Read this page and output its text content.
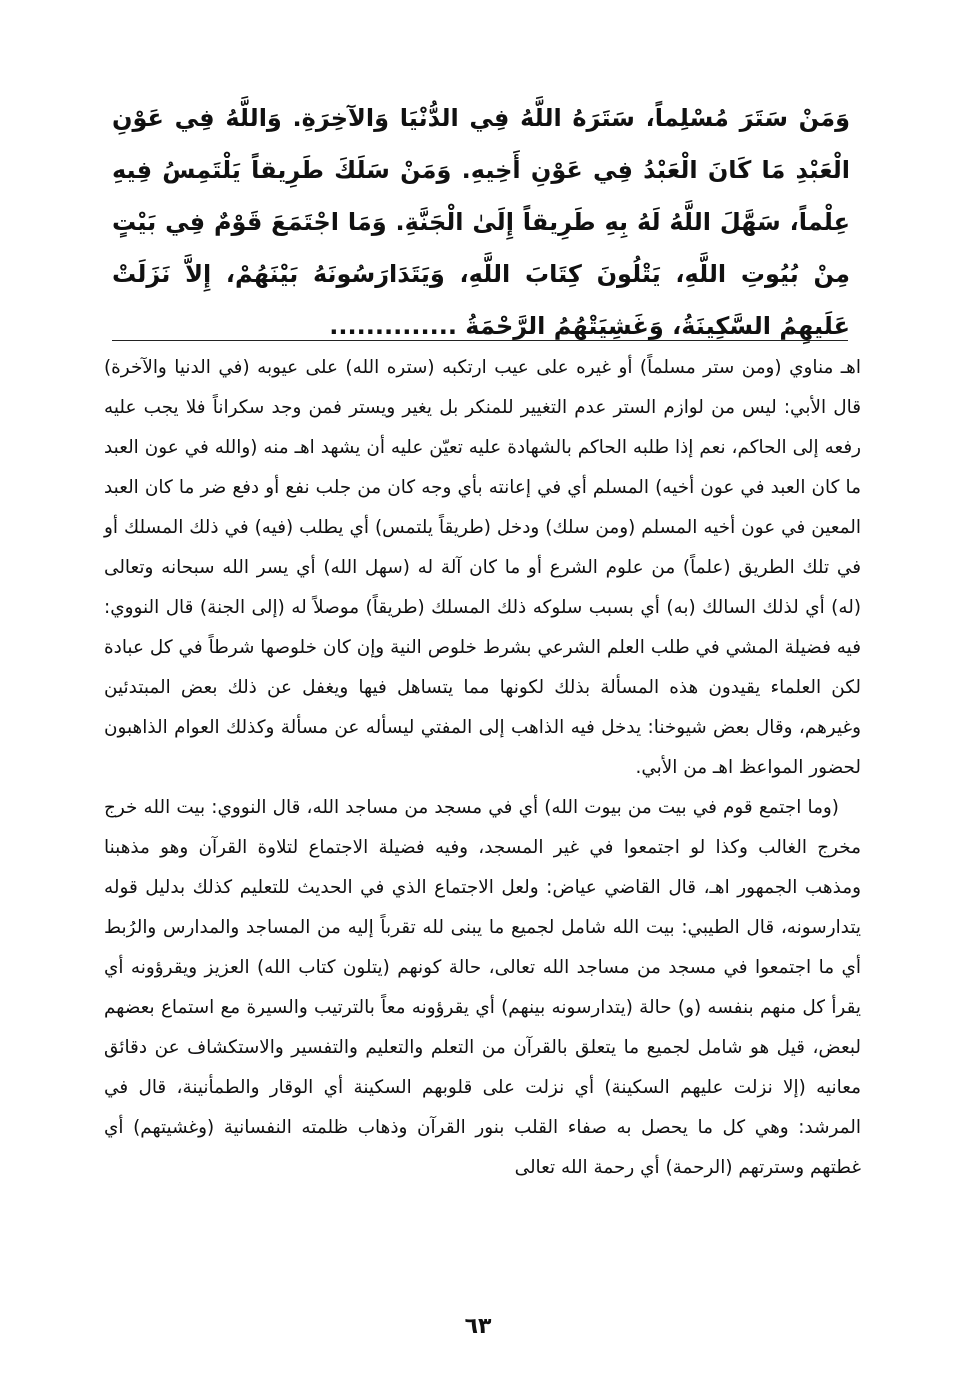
وَمَنْ سَتَرَ مُسْلِماً، سَتَرَهُ اللَّهُ فِي الدُّنْيَا وَالآخِرَةِ. وَاللَّهُ فِي عَوْنِ الْعَبْدِ مَا كَانَ الْعَبْدُ فِي عَوْنِ أَخِيهِ. وَمَنْ سَلَكَ طَرِيقاً يَلْتَمِسُ فِيهِ عِلْماً، سَهَّلَ اللَّهُ لَهُ بِهِ طَرِيقاً إِلَىٰ الْجَنَّةِ. وَمَا اجْتَمَعَ قَوْمٌ فِي بَيْتٍ مِنْ بُيُوتِ اللَّهِ، يَتْلُونَ كِتَابَ اللَّهِ، وَيَتَدَارَسُونَهُ بَيْنَهُمْ، إِلاَّ نَزَلَتْ عَلَيهِمُ السَّكِينَةُ، وَغَشِيَتْهُمُ الرَّحْمَةُ ..............

اهـ مناوي (ومن ستر مسلماً) أو غيره على عيب ارتكبه (ستره الله) على عيوبه (في الدنيا والآخرة) قال الأبي: ليس من لوازم الستر عدم التغيير للمنكر بل يغير ويستر فمن وجد سكراناً فلا يجب عليه رفعه إلى الحاكم، نعم إذا طلبه الحاكم بالشهادة عليه تعيّن عليه أن يشهد اهـ منه (والله في عون العبد ما كان العبد في عون أخيه) المسلم أي في إعانته بأي وجه كان من جلب نفع أو دفع ضر ما كان العبد المعين في عون أخيه المسلم (ومن سلك) ودخل (طريقاً يلتمس) أي يطلب (فيه) في ذلك المسلك أو في تلك الطريق (علماً) من علوم الشرع أو ما كان آلة له (سهل الله) أي يسر الله سبحانه وتعالى (له) أي لذلك السالك (به) أي بسبب سلوكه ذلك المسلك (طريقاً) موصلاً له (إلى الجنة) قال النووي: فيه فضيلة المشي في طلب العلم الشرعي بشرط خلوص النية وإن كان خلوصها شرطاً في كل عبادة لكن العلماء يقيدون هذه المسألة بذلك لكونها مما يتساهل فيها ويغفل عن ذلك بعض المبتدئين وغيرهم، وقال بعض شيوخنا: يدخل فيه الذاهب إلى المفتي ليسأله عن مسألة وكذلك العوام الذاهبون لحضور المواعظ اهـ من الأبي.

(وما اجتمع قوم في بيت من بيوت الله) أي في مسجد من مساجد الله، قال النووي: بيت الله خرج مخرج الغالب وكذا لو اجتمعوا في غير المسجد، وفيه فضيلة الاجتماع لتلاوة القرآن وهو مذهبنا ومذهب الجمهور اهـ، قال القاضي عياض: ولعل الاجتماع الذي في الحديث للتعليم كذلك بدليل قوله يتدارسونه، قال الطيبي: بيت الله شامل لجميع ما يبنى لله تقرباً إليه من المساجد والمدارس والرُبط أي ما اجتمعوا في مسجد من مساجد الله تعالى، حالة كونهم (يتلون كتاب الله) العزيز ويقرؤونه أي يقرأ كل منهم بنفسه (و) حالة (يتدارسونه بينهم) أي يقرؤونه معاً بالترتيب والسيرة مع استماع بعضهم لبعض، قيل هو شامل لجميع ما يتعلق بالقرآن من التعلم والتعليم والتفسير والاستكشاف عن دقائق معانيه (إلا نزلت عليهم السكينة) أي نزلت على قلوبهم السكينة أي الوقار والطمأنينة، قال في المرشد: وهي كل ما يحصل به صفاء القلب بنور القرآن وذهاب ظلمته النفسانية (وغشيتهم) أي غطتهم وسترتهم (الرحمة) أي رحمة الله تعالى

٦٣
